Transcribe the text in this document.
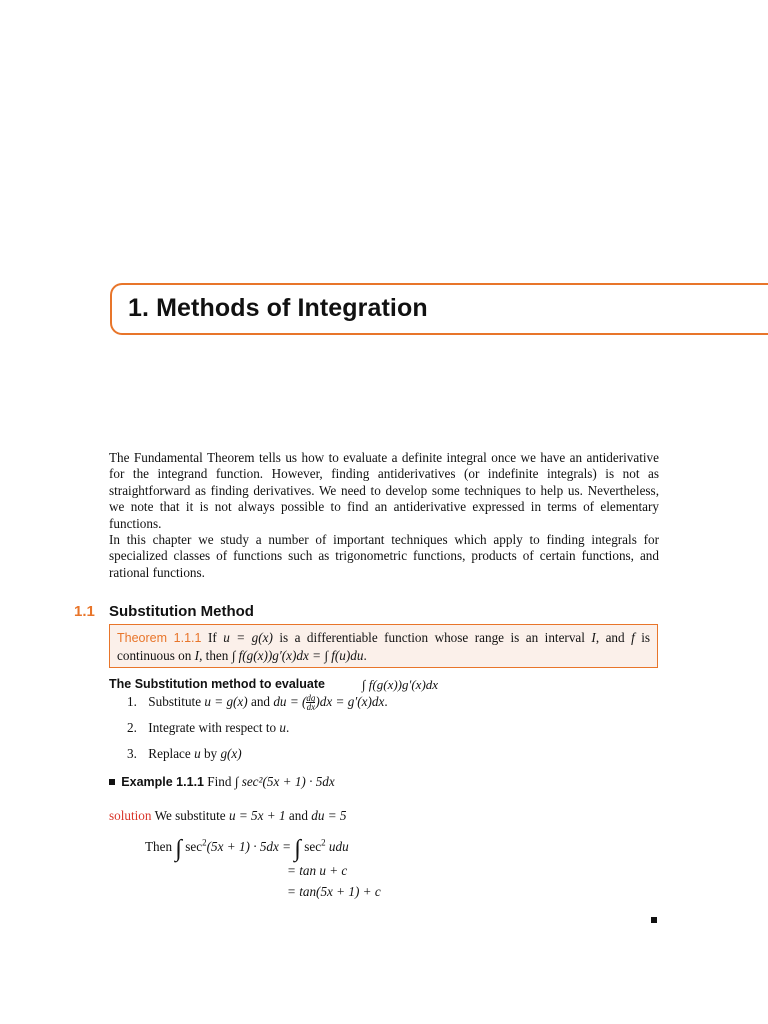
1. Methods of Integration

The Fundamental Theorem tells us how to evaluate a definite integral once we have an antiderivative for the integrand function. However, finding antiderivatives (or indefinite integrals) is not as straightforward as finding derivatives. We need to develop some techniques to help us. Nevertheless, we note that it is not always possible to find an antiderivative expressed in terms of elementary functions.

In this chapter we study a number of important techniques which apply to finding integrals for specialized classes of functions such as trigonometric functions, products of certain functions, and rational functions.

1.1 Substitution Method
Theorem 1.1.1 If u = g(x) is a differentiable function whose range is an interval I, and f is continuous on I, then ∫ f(g(x))g′(x)dx = ∫ f(u)du.
The Substitution method to evaluate	∫ f(g(x))g′(x)dx
1. Substitute u = g(x) and du = ( $\frac{dg}{dx} )dx = g'(x)dx$.
2. Integrate with respect to u.
3. Replace u by g(x)
Example 1.1.1 Find ∫ sec²(5x + 1) · 5dx
solution We substitute u = 5x + 1 and du = 5
Then ∫ $\sec^2(5x + 1) \cdot 5dx$ = ∫ $\sec^2$ udu
= tan u + c
= tan(5x + 1) + c
